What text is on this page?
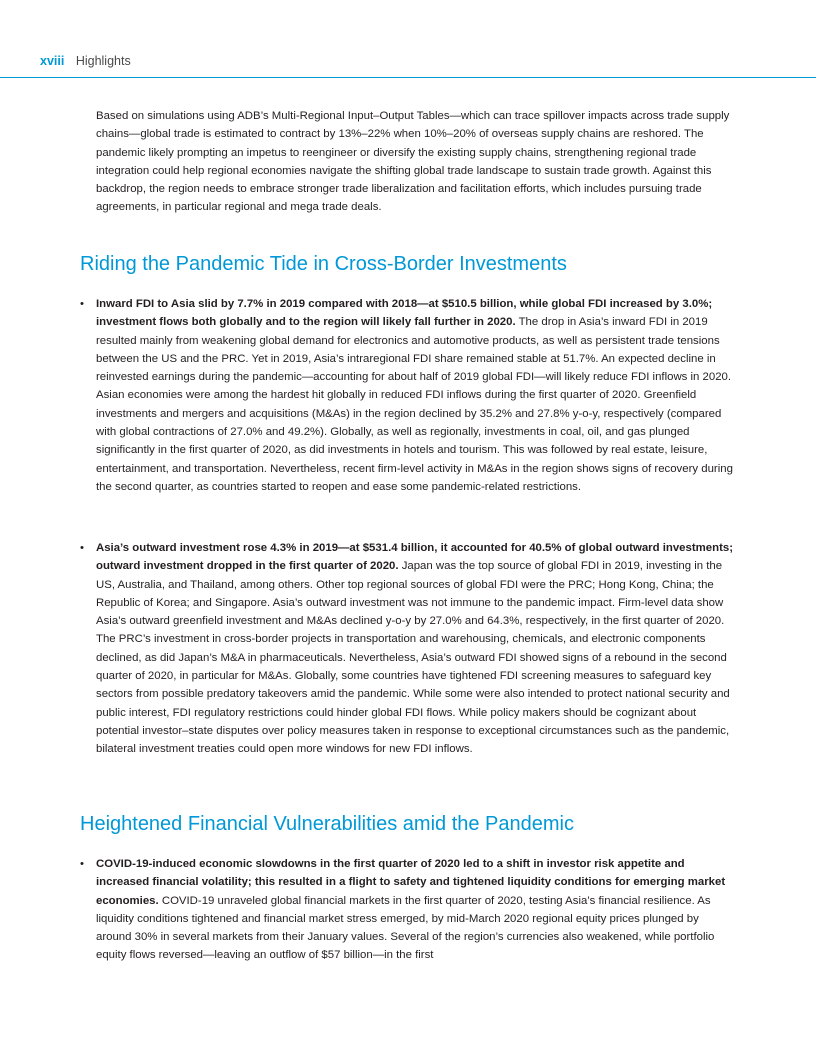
xviii Highlights

Based on simulations using ADB’s Multi-Regional Input–Output Tables—which can trace spillover impacts across trade supply chains—global trade is estimated to contract by 13%–22% when 10%–20% of overseas supply chains are reshored. The pandemic likely prompting an impetus to reengineer or diversify the existing supply chains, strengthening regional trade integration could help regional economies navigate the shifting global trade landscape to sustain trade growth. Against this backdrop, the region needs to embrace stronger trade liberalization and facilitation efforts, which includes pursuing trade agreements, in particular regional and mega trade deals.

Riding the Pandemic Tide in Cross-Border Investments
• Inward FDI to Asia slid by 7.7% in 2019 compared with 2018—at $510.5 billion, while global FDI increased by 3.0%; investment flows both globally and to the region will likely fall further in 2020. The drop in Asia’s inward FDI in 2019 resulted mainly from weakening global demand for electronics and automotive products, as well as persistent trade tensions between the US and the PRC. Yet in 2019, Asia’s intraregional FDI share remained stable at 51.7%. An expected decline in reinvested earnings during the pandemic—accounting for about half of 2019 global FDI—will likely reduce FDI inflows in 2020. Asian economies were among the hardest hit globally in reduced FDI inflows during the first quarter of 2020. Greenfield investments and mergers and acquisitions (M&As) in the region declined by 35.2% and 27.8% y-o-y, respectively (compared with global contractions of 27.0% and 49.2%). Globally, as well as regionally, investments in coal, oil, and gas plunged significantly in the first quarter of 2020, as did investments in hotels and tourism. This was followed by real estate, leisure, entertainment, and transportation. Nevertheless, recent firm-level activity in M&As in the region shows signs of recovery during the second quarter, as countries started to reopen and ease some pandemic-related restrictions.
• Asia’s outward investment rose 4.3% in 2019—at $531.4 billion, it accounted for 40.5% of global outward investments; outward investment dropped in the first quarter of 2020. Japan was the top source of global FDI in 2019, investing in the US, Australia, and Thailand, among others. Other top regional sources of global FDI were the PRC; Hong Kong, China; the Republic of Korea; and Singapore. Asia’s outward investment was not immune to the pandemic impact. Firm-level data show Asia’s outward greenfield investment and M&As declined y-o-y by 27.0% and 64.3%, respectively, in the first quarter of 2020. The PRC’s investment in cross-border projects in transportation and warehousing, chemicals, and electronic components declined, as did Japan’s M&A in pharmaceuticals. Nevertheless, Asia’s outward FDI showed signs of a rebound in the second quarter of 2020, in particular for M&As. Globally, some countries have tightened FDI screening measures to safeguard key sectors from possible predatory takeovers amid the pandemic. While some were also intended to protect national security and public interest, FDI regulatory restrictions could hinder global FDI flows. While policy makers should be cognizant about potential investor–state disputes over policy measures taken in response to exceptional circumstances such as the pandemic, bilateral investment treaties could open more windows for new FDI inflows.
Heightened Financial Vulnerabilities amid the Pandemic
• COVID-19-induced economic slowdowns in the first quarter of 2020 led to a shift in investor risk appetite and increased financial volatility; this resulted in a flight to safety and tightened liquidity conditions for emerging market economies. COVID-19 unraveled global financial markets in the first quarter of 2020, testing Asia’s financial resilience. As liquidity conditions tightened and financial market stress emerged, by mid-March 2020 regional equity prices plunged by around 30% in several markets from their January values. Several of the region’s currencies also weakened, while portfolio equity flows reversed—leaving an outflow of $57 billion—in the first
